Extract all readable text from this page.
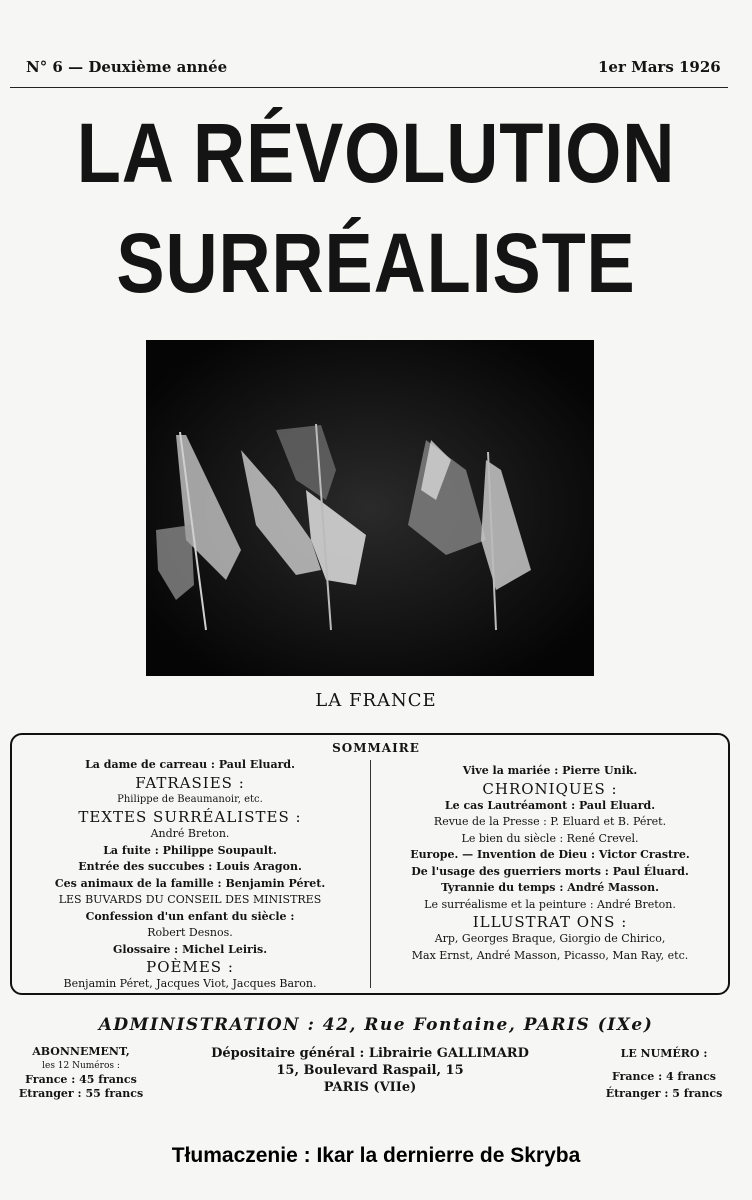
N° 6 — Deuxième année	1er Mars 1926
LA RÉVOLUTION
SURRÉALISTE
LA FRANCE
SOMMAIRE
La dame de carreau : Paul Eluard.
FATRASIES :
Philippe de Beaumanoir, etc.
TEXTES SURRÉALISTES :
André Breton.
La fuite : Philippe Soupault.
Entrée des succubes : Louis Aragon.
Ces animaux de la famille : Benjamin Péret.
LES BUVARDS DU CONSEIL DES MINISTRES
Confession d'un enfant du siècle :
Robert Desnos.
Glossaire : Michel Leiris.
POÈMES :
Benjamin Péret, Jacques Viot, Jacques Baron.
Vive la mariée : Pierre Unik.
CHRONIQUES :
Le cas Lautréamont : Paul Eluard.
Revue de la Presse : P. Eluard et B. Péret.
Le bien du siècle : René Crevel.
Europe. — Invention de Dieu : Victor Crastre.
De l'usage des guerriers morts : Paul Éluard.
Tyrannie du temps : André Masson.
Le surréalisme et la peinture : André Breton.
ILLUSTRAT ONS :
Arp, Georges Braque, Giorgio de Chirico,
Max Ernst, André Masson, Picasso, Man Ray, etc.
ADMINISTRATION : 42, Rue Fontaine, PARIS (IXe)
ABONNEMENT,
les 12 Numéros :
France : 45 francs
Etranger : 55 francs
Dépositaire général : Librairie GALLIMARD
15, Boulevard Raspail, 15
PARIS (VIIe)
LE NUMÉRO :
France : 4 francs
Étranger : 5 francs
Tłumaczenie : Ikar la dernierre de Skryba
